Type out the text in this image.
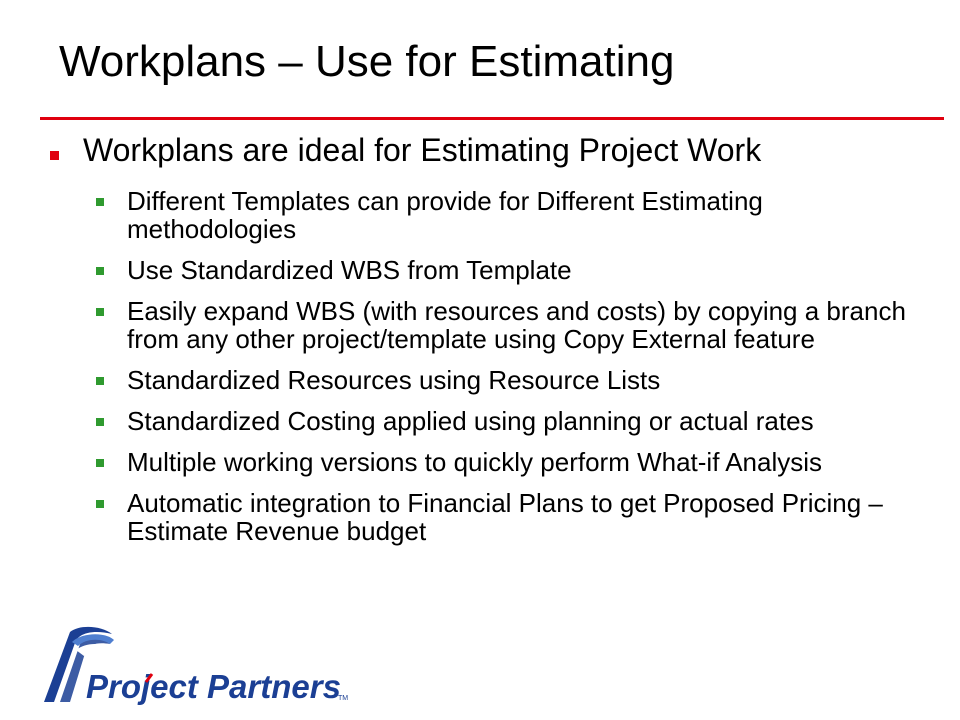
Workplans – Use for Estimating
Workplans are ideal for Estimating Project Work
Different Templates can provide for Different Estimating methodologies
Use Standardized WBS from Template
Easily expand WBS (with resources and costs) by copying a branch from any other project/template using Copy External feature
Standardized Resources using Resource Lists
Standardized Costing applied using planning or actual rates
Multiple working versions to quickly perform What-if Analysis
Automatic integration to Financial Plans to get Proposed Pricing – Estimate Revenue budget
Project Partners
TM
